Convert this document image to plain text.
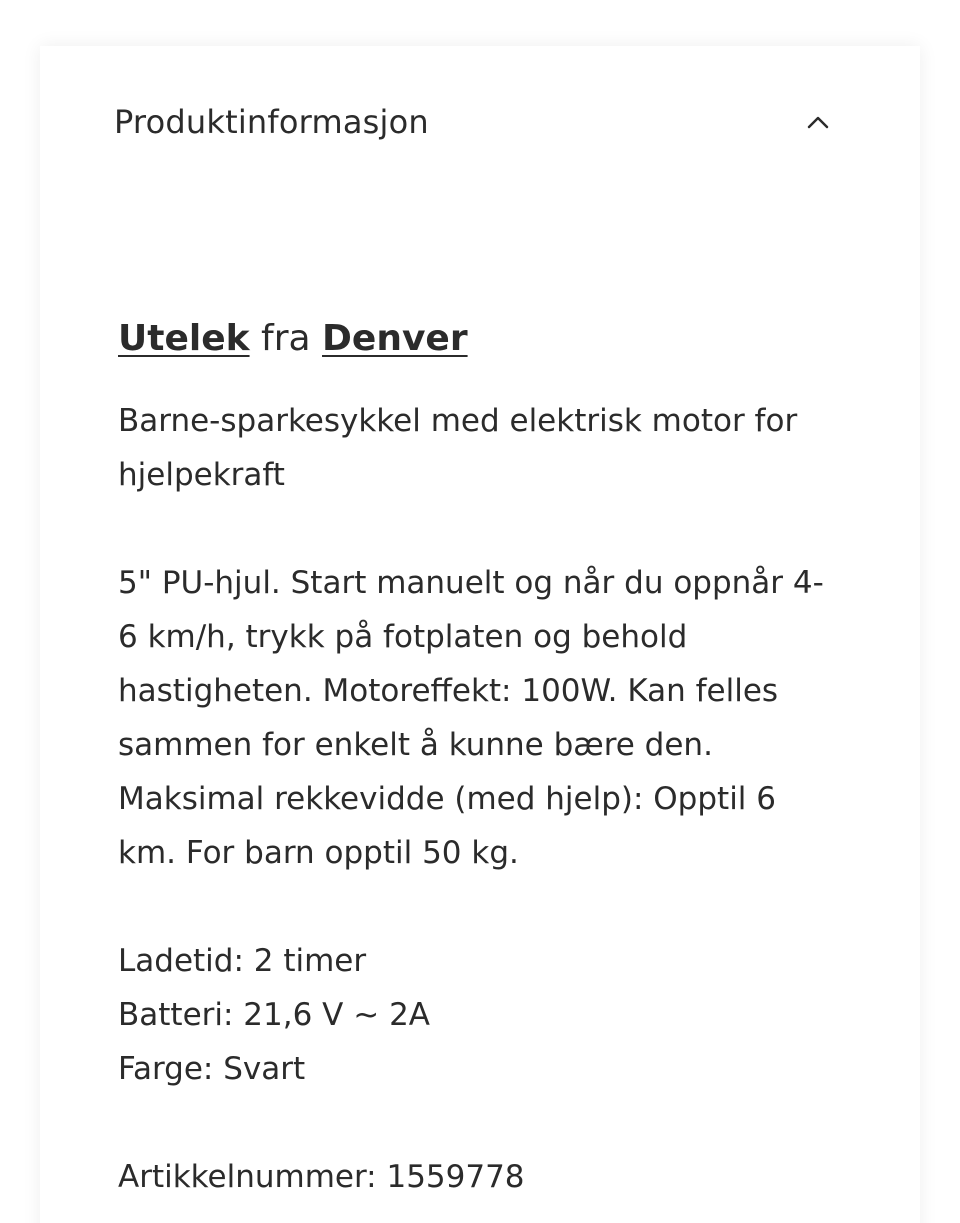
Produktinformasjon

Utelek fra Denver

Barne-sparkesykkel med elektrisk motor for hjelpekraft

5" PU-hjul. Start manuelt og når du oppnår 4-
6 km/h, trykk på fotplaten og behold
hastigheten. Motoreffekt: 100W. Kan felles
sammen for enkelt å kunne bære den.
Maksimal rekkevidde (med hjelp): Opptil 6
km. For barn opptil 50 kg.
Ladetid: 2 timer
Batteri: 21,6 V ~ 2A
Farge: Svart
Artikkelnummer: 1559778
